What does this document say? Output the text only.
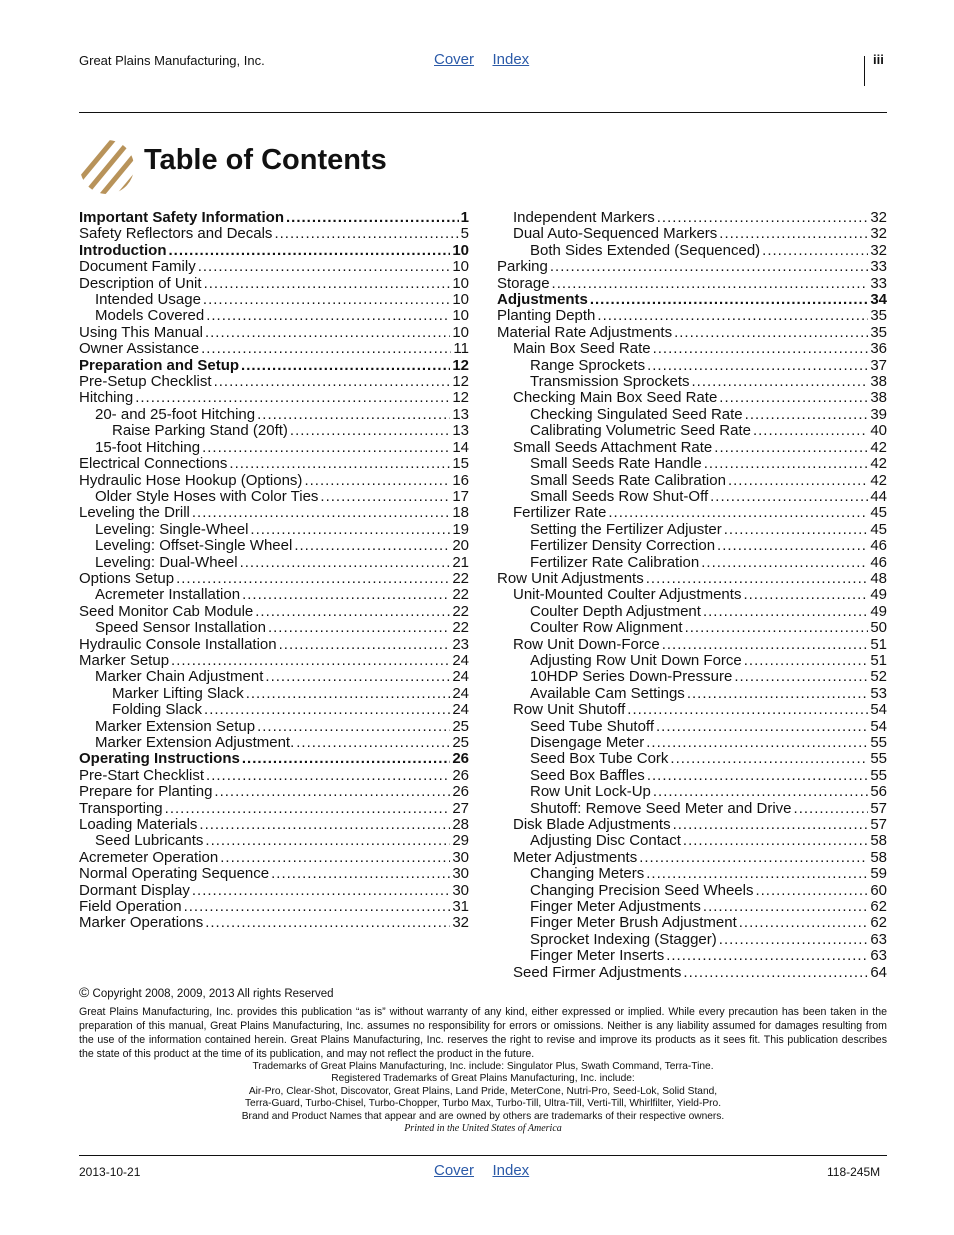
Great Plains Manufacturing, Inc.	Cover Index	iii
Table of Contents
Important Safety Information .....	1
Safety Reflectors and Decals .....	5
Introduction .....	10
Document Family .....	10
Description of Unit .....	10
Intended Usage .....	10
Models Covered .....	10
Using This Manual .....	10
Owner Assistance .....	11
Preparation and Setup .....	12
Pre-Setup Checklist .....	12
Hitching .....	12
20- and 25-foot Hitching .....	13
Raise Parking Stand (20ft) .....	13
15-foot Hitching .....	14
Electrical Connections .....	15
Hydraulic Hose Hookup (Options) .....	16
Older Style Hoses with Color Ties .....	17
Leveling the Drill .....	18
Leveling: Single-Wheel .....	19
Leveling: Offset-Single Wheel .....	20
Leveling: Dual-Wheel .....	21
Options Setup .....	22
Acremeter Installation .....	22
Seed Monitor Cab Module .....	22
Speed Sensor Installation .....	22
Hydraulic Console Installation .....	23
Marker Setup .....	24
Marker Chain Adjustment .....	24
Marker Lifting Slack .....	24
Folding Slack .....	24
Marker Extension Setup .....	25
Marker Extension Adjustment. .....	25
Operating Instructions .....	26
Pre-Start Checklist .....	26
Prepare for Planting .....	26
Transporting .....	27
Loading Materials .....	28
Seed Lubricants .....	29
Acremeter Operation .....	30
Normal Operating Sequence .....	30
Dormant Display .....	30
Field Operation .....	31
Marker Operations .....	32
Independent Markers .....	32
Dual Auto-Sequenced Markers .....	32
Both Sides Extended (Sequenced) .....	32
Parking .....	33
Storage .....	33
Adjustments .....	34
Planting Depth .....	35
Material Rate Adjustments .....	35
Main Box Seed Rate .....	36
Range Sprockets .....	37
Transmission Sprockets .....	38
Checking Main Box Seed Rate .....	38
Checking Singulated Seed Rate .....	39
Calibrating Volumetric Seed Rate .....	40
Small Seeds Attachment Rate .....	42
Small Seeds Rate Handle .....	42
Small Seeds Rate Calibration .....	42
Small Seeds Row Shut-Off .....	44
Fertilizer Rate .....	45
Setting the Fertilizer Adjuster .....	45
Fertilizer Density Correction .....	46
Fertilizer Rate Calibration .....	46
Row Unit Adjustments .....	48
Unit-Mounted Coulter Adjustments .....	49
Coulter Depth Adjustment .....	49
Coulter Row Alignment .....	50
Row Unit Down-Force .....	51
Adjusting Row Unit Down Force .....	51
10HDP Series Down-Pressure .....	52
Available Cam Settings .....	53
Row Unit Shutoff .....	54
Seed Tube Shutoff .....	54
Disengage Meter .....	55
Seed Box Tube Cork .....	55
Seed Box Baffles .....	55
Row Unit Lock-Up .....	56
Shutoff: Remove Seed Meter and Drive .....	57
Disk Blade Adjustments .....	57
Adjusting Disc Contact .....	58
Meter Adjustments .....	58
Changing Meters .....	59
Changing Precision Seed Wheels .....	60
Finger Meter Adjustments .....	62
Finger Meter Brush Adjustment .....	62
Sprocket Indexing (Stagger) .....	63
Finger Meter Inserts .....	63
Seed Firmer Adjustments .....	64
© Copyright 2008, 2009, 2013 All rights Reserved
Great Plains Manufacturing, Inc. provides this publication “as is” without warranty of any kind, either expressed or implied. While every precaution has been taken in the preparation of this manual, Great Plains Manufacturing, Inc. assumes no responsibility for errors or omissions. Neither is any liability assumed for damages resulting from the use of the information contained herein. Great Plains Manufacturing, Inc. reserves the right to revise and improve its products as it sees fit. This publication describes the state of this product at the time of its publication, and may not reflect the product in the future.
Trademarks of Great Plains Manufacturing, Inc. include: Singulator Plus, Swath Command, Terra-Tine.
Registered Trademarks of Great Plains Manufacturing, Inc. include:
Air-Pro, Clear-Shot, Discovator, Great Plains, Land Pride, MeterCone, Nutri-Pro, Seed-Lok, Solid Stand,
Terra-Guard, Turbo-Chisel, Turbo-Chopper, Turbo Max, Turbo-Till, Ultra-Till, Verti-Till, Whirlfilter, Yield-Pro.
Brand and Product Names that appear and are owned by others are trademarks of their respective owners.
Printed in the United States of America
2013-10-21	Cover Index	118-245M
